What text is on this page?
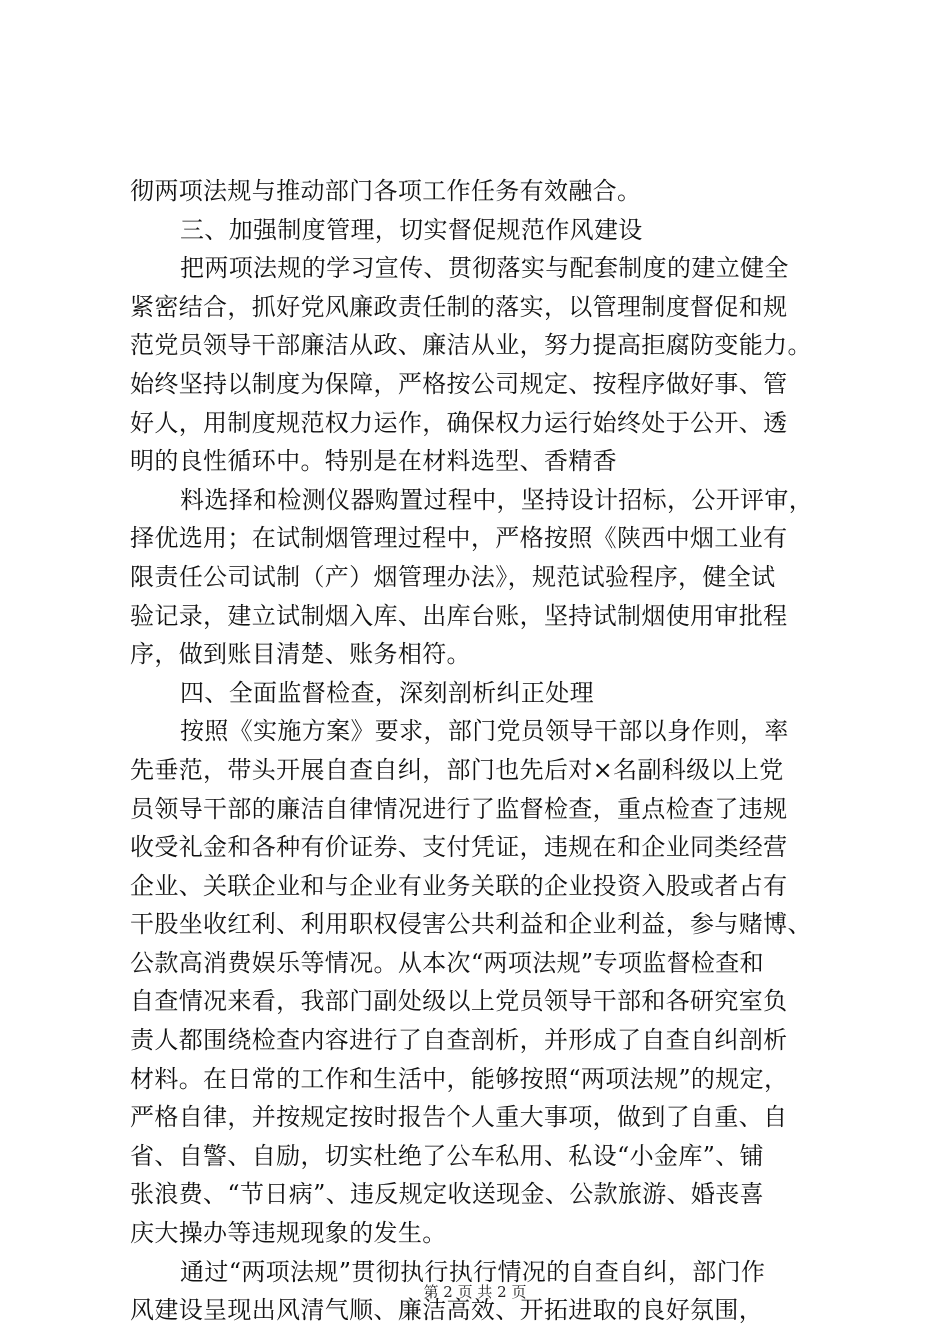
彻两项法规与推动部门各项工作任务有效融合。
三、加强制度管理，切实督促规范作风建设
把两项法规的学习宣传、贯彻落实与配套制度的建立健全
紧密结合，抓好党风廉政责任制的落实，以管理制度督促和规
范党员领导干部廉洁从政、廉洁从业，努力提高拒腐防变能力。
始终坚持以制度为保障，严格按公司规定、按程序做好事、管
好人，用制度规范权力运作，确保权力运行始终处于公开、透
明的良性循环中。特别是在材料选型、香精香
料选择和检测仪器购置过程中，坚持设计招标，公开评审，
择优选用；在试制烟管理过程中，严格按照《陕西中烟工业有
限责任公司试制（产）烟管理办法》，规范试验程序，健全试
验记录，建立试制烟入库、出库台账，坚持试制烟使用审批程
序，做到账目清楚、账务相符。
四、全面监督检查，深刻剖析纠正处理
按照《实施方案》要求，部门党员领导干部以身作则，率
先垂范，带头开展自查自纠，部门也先后对×名副科级以上党
员领导干部的廉洁自律情况进行了监督检查，重点检查了违规
收受礼金和各种有价证券、支付凭证，违规在和企业同类经营
企业、关联企业和与企业有业务关联的企业投资入股或者占有
干股坐收红利、利用职权侵害公共利益和企业利益，参与赌博、
公款高消费娱乐等情况。从本次“两项法规”专项监督检查和
自查情况来看，我部门副处级以上党员领导干部和各研究室负
责人都围绕检查内容进行了自查剖析，并形成了自查自纠剖析
材料。在日常的工作和生活中，能够按照“两项法规”的规定，
严格自律，并按规定按时报告个人重大事项，做到了自重、自
省、自警、自励，切实杜绝了公车私用、私设“小金库”、铺
张浪费、“节日病”、违反规定收送现金、公款旅游、婚丧喜
庆大操办等违规现象的发生。
通过“两项法规”贯彻执行执行情况的自查自纠，部门作
风建设呈现出风清气顺、廉洁高效、开拓进取的良好氛围，
第 2 页 共 2 页
